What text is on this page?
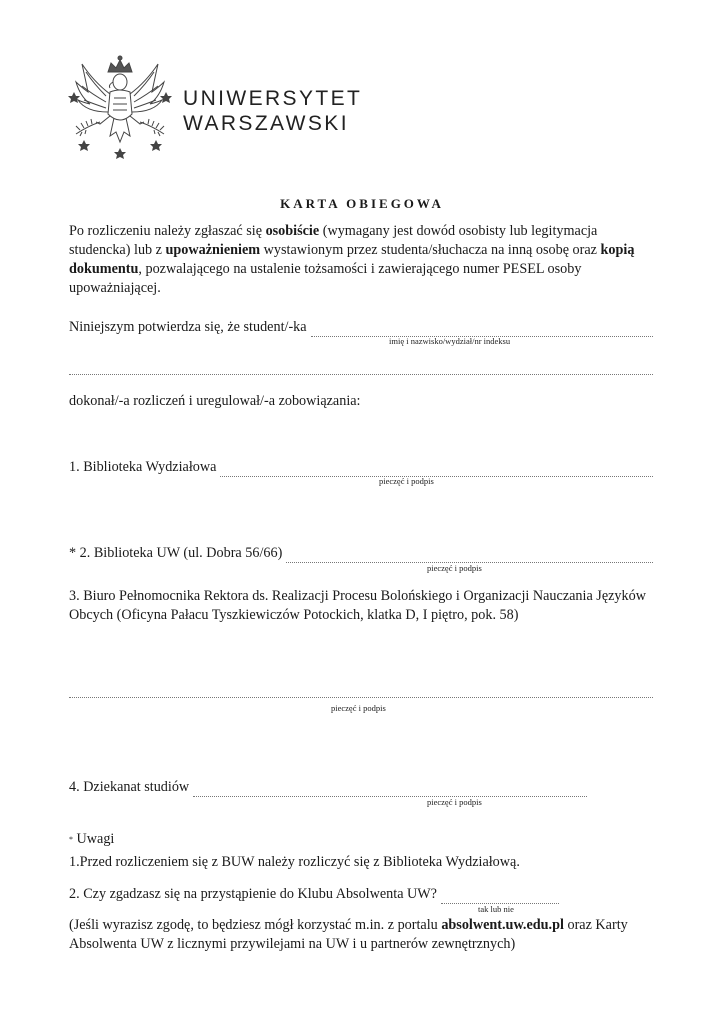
UNIWERSYTET
WARSZAWSKI
KARTA OBIEGOWA
Po rozliczeniu należy zgłaszać się osobiście (wymagany jest dowód osobisty lub legitymacja studencka) lub z upoważnieniem wystawionym przez studenta/słuchacza na inną osobę oraz kopią dokumentu, pozwalającego na ustalenie tożsamości i zawierającego numer PESEL osoby upoważniającej.
Niniejszym potwierdza się, że student/-ka
imię i nazwisko/wydział/nr indeksu
dokonał/-a rozliczeń i uregulował/-a zobowiązania:
1. Biblioteka Wydziałowa
pieczęć i podpis
* 2. Biblioteka UW (ul. Dobra 56/66)
pieczęć i podpis
3. Biuro Pełnomocnika Rektora ds. Realizacji Procesu Bolońskiego i Organizacji Nauczania Języków Obcych (Oficyna Pałacu Tyszkiewiczów Potockich, klatka D, I piętro, pok. 58)
pieczęć i podpis
4. Dziekanat studiów
pieczęć i podpis
* Uwagi
1.Przed rozliczeniem się z BUW należy rozliczyć się z Biblioteka Wydziałową.
2. Czy zgadzasz się na przystąpienie do Klubu Absolwenta UW?
tak lub nie
(Jeśli wyrazisz zgodę, to będziesz mógł korzystać m.in. z portalu absolwent.uw.edu.pl oraz Karty Absolwenta UW z licznymi przywilejami na UW i u partnerów zewnętrznych)
